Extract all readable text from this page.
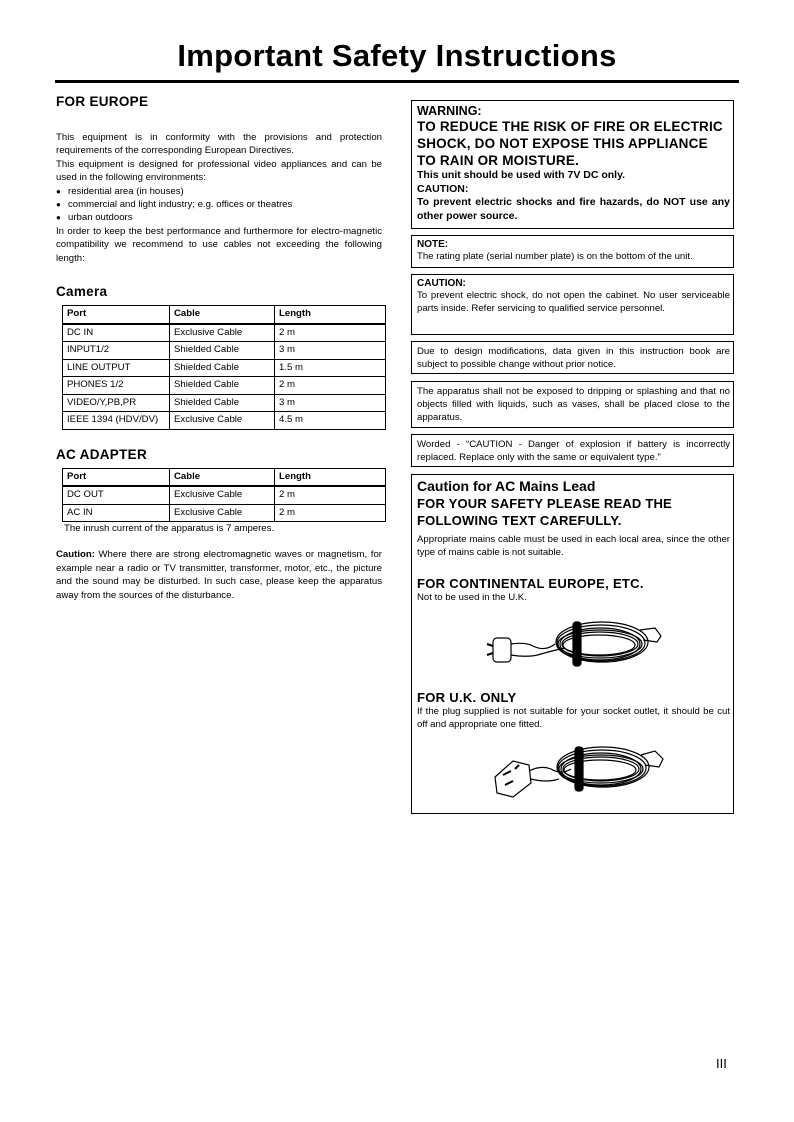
Important Safety Instructions
FOR EUROPE
This equipment is in conformity with the provisions and protection requirements of the corresponding European Directives.
This equipment is designed for professional video appliances and can be used in the following environments:
● residential area (in houses)
● commercial and light industry; e.g. offices or theatres
● urban outdoors
In order to keep the best performance and furthermore for electro-magnetic compatibility we recommend to use cables not exceeding the following length:
Camera
Port	Cable	Length
DC IN	Exclusive Cable	2 m
INPUT1/2	Shielded Cable	3 m
LINE OUTPUT	Shielded Cable	1.5 m
PHONES 1/2	Shielded Cable	2 m
VIDEO/Y,PB,PR	Shielded Cable	3 m
IEEE 1394 (HDV/DV)	Exclusive Cable	4.5 m
AC ADAPTER
Port	Cable	Length
DC OUT	Exclusive Cable	2 m
AC IN	Exclusive Cable	2 m
The inrush current of the apparatus is 7 amperes.
Caution: Where there are strong electromagnetic waves or magnetism, for example near a radio or TV transmitter, transformer, motor, etc., the picture and the sound may be disturbed. In such case, please keep the apparatus away from the sources of the disturbance.
WARNING:
TO REDUCE THE RISK OF FIRE OR ELECTRIC SHOCK, DO NOT EXPOSE THIS APPLIANCE TO RAIN OR MOISTURE.
This unit should be used with 7V DC only.
CAUTION:
To prevent electric shocks and fire hazards, do NOT use any other power source.
NOTE:
The rating plate (serial number plate) is on the bottom of the unit.
CAUTION:
To prevent electric shock, do not open the cabinet. No user serviceable parts inside. Refer servicing to qualified service personnel.
Due to design modifications, data given in this instruction book are subject to possible change without prior notice.
The apparatus shall not be exposed to dripping or splashing and that no objects filled with liquids, such as vases, shall be placed close to the apparatus.
Worded - “CAUTION - Danger of explosion if battery is incorrectly replaced. Replace only with the same or equivalent type.”
Caution for AC Mains Lead
FOR YOUR SAFETY PLEASE READ THE FOLLOWING TEXT CAREFULLY.
Appropriate mains cable must be used in each local area, since the other type of mains cable is not suitable.
FOR CONTINENTAL EUROPE, ETC.
Not to be used in the U.K.
FOR U.K. ONLY
If the plug supplied is not suitable for your socket outlet, it should be cut off and appropriate one fitted.
III
